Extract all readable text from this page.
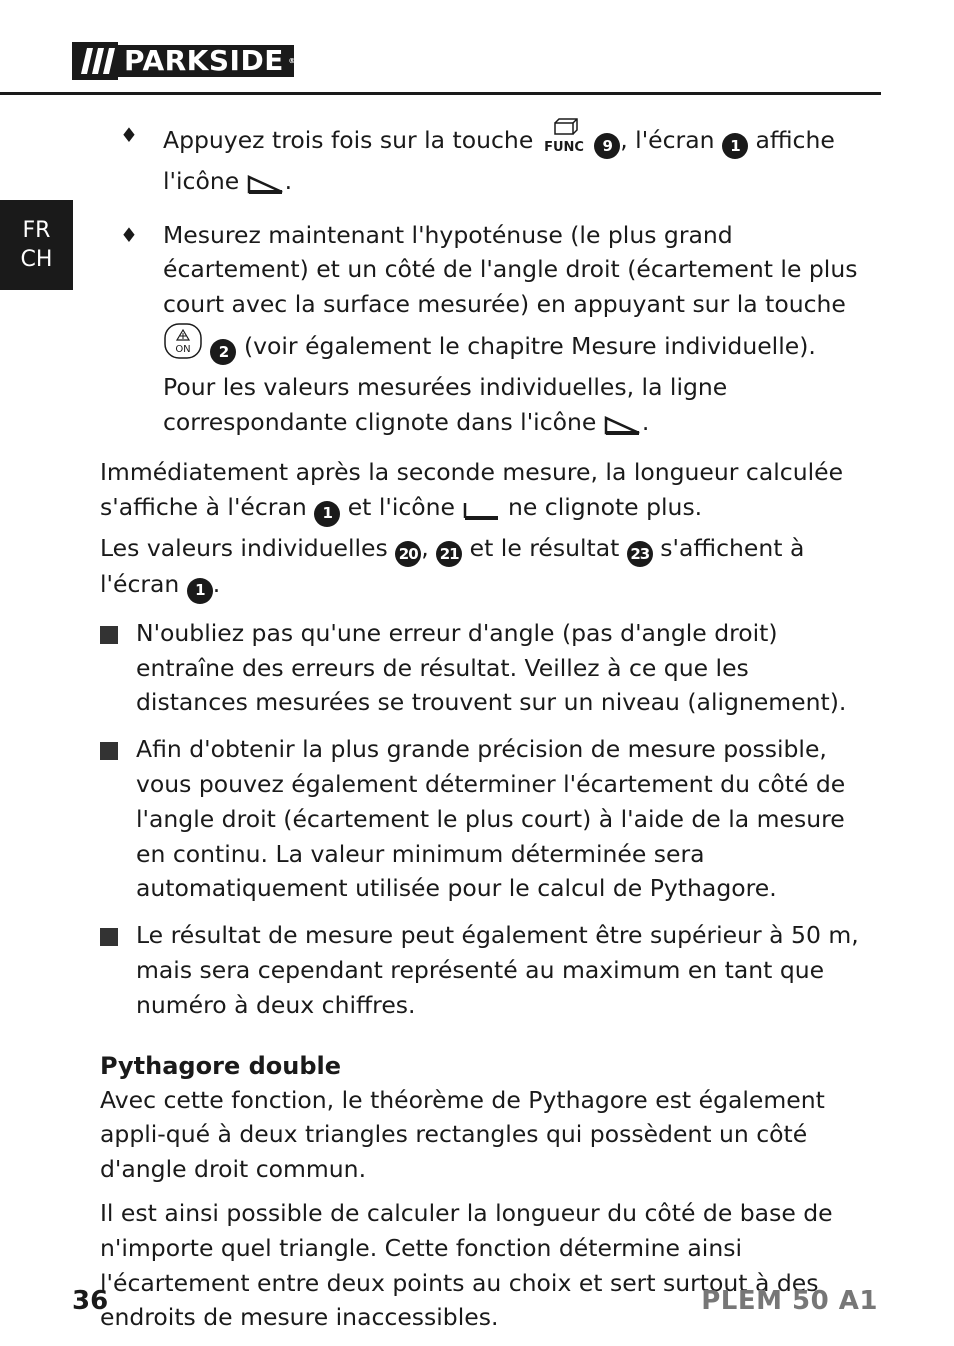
PARKSIDE ®
FR
CH
♦ Appuyez trois fois sur la touche FUNC 9 , l'écran 1 affiche l'icône .

♦ Mesurez maintenant l'hypoténuse (le plus grand écartement) et un côté de l'angle droit (écartement le plus court avec la surface mesurée) en appuyant sur la touche
ON 2 (voir également le chapitre Mesure individuelle). Pour les valeurs mesurées individuelles, la ligne correspondante clignote dans l'icône .

Immédiatement après la seconde mesure, la longueur calculée s'affiche à l'écran 1 et l'icône  ne clignote plus.
Les valeurs individuelles 20 , 21 et le résultat 23 s'affichent à l'écran 1 .

N'oubliez pas qu'une erreur d'angle (pas d'angle droit) entraîne des erreurs de résultat. Veillez à ce que les distances mesurées se trouvent sur un niveau (alignement).

Afin d'obtenir la plus grande précision de mesure possible, vous pouvez également déterminer l'écartement du côté de l'angle droit (écartement le plus court) à l'aide de la mesure en continu. La valeur minimum déterminée sera automatiquement utilisée pour le calcul de Pythagore.

Le résultat de mesure peut également être supérieur à 50 m, mais sera cependant représenté au maximum en tant que numéro à deux chiffres.

Pythagore double

Avec cette fonction, le théorème de Pythagore est également appli-qué à deux triangles rectangles qui possèdent un côté d'angle droit commun.

Il est ainsi possible de calculer la longueur du côté de base de n'importe quel triangle. Cette fonction détermine ainsi l'écartement entre deux points au choix et sert surtout à des endroits de mesure inaccessibles.

36	PLEM 50 A1
